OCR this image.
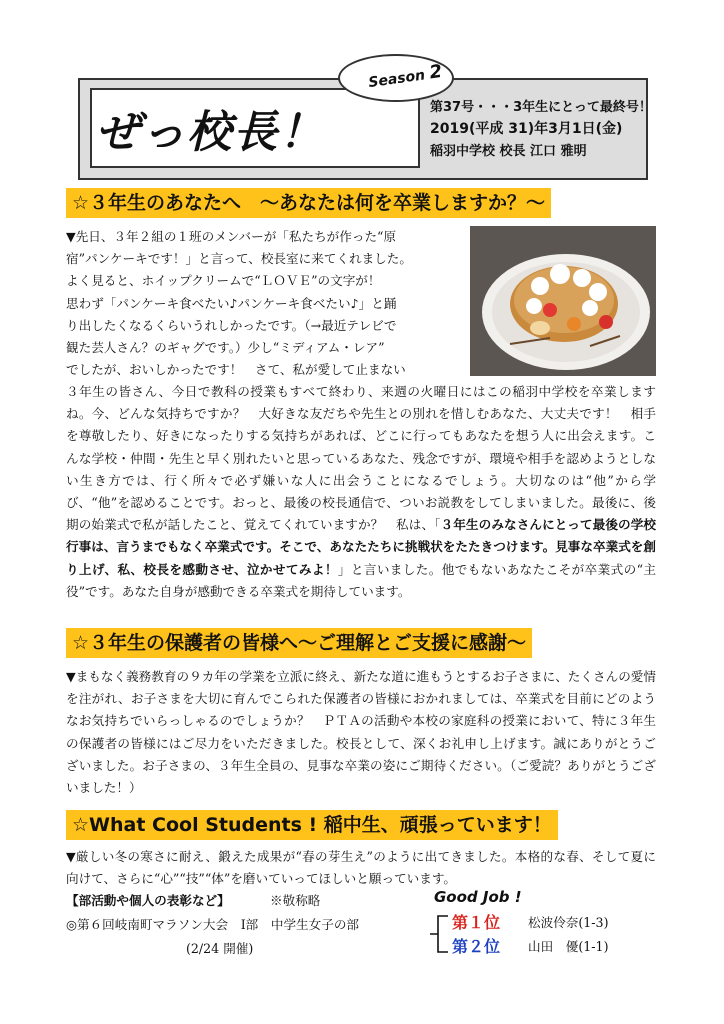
ぜっ校長！
Season 2
第37号・・・3年生にとって最終号！
2019(平成 31)年3月1日(金)
稲羽中学校 校長 江口 雅明
☆３年生のあなたへ　～あなたは何を卒業しますか？～
▼先日、３年２組の１班のメンバーが「私たちが作った“原
宿”パンケーキです！」と言って、校長室に来てくれました。
よく見ると、ホイップクリームで“ＬＯＶＥ”の文字が！
思わず「パンケーキ食べたい♪パンケーキ食べたい♪」と踊
り出したくなるくらいうれしかったです。（→最近テレビで
観た芸人さん？のギャグです。）少し“ミディアム・レア”
でしたが、おいしかったです！　さて、私が愛して止まない

３年生の皆さん、今日で教科の授業もすべて終わり、来週の火曜日にはこの稲羽中学校を卒業しますね。今、どんな気持ちですか？　大好きな友だちや先生との別れを惜しむあなた、大丈夫です！　相手を尊敬したり、好きになったりする気持ちがあれば、どこに行ってもあなたを想う人に出会えます。こんな学校・仲間・先生と早く別れたいと思っているあなた、残念ですが、環境や相手を認めようとしない生き方では、行く所々で必ず嫌いな人に出会うことになるでしょう。大切なのは“他”から学び、“他”を認めることです。おっと、最後の校長通信で、ついお説教をしてしまいました。最後に、後期の始業式で私が話したこと、覚えてくれていますか？　私は、「３年生のみなさんにとって最後の学校行事は、言うまでもなく卒業式です。そこで、あなたたちに挑戦状をたたきつけます。見事な卒業式を創り上げ、私、校長を感動させ、泣かせてみよ！」と言いました。他でもないあなたこそが卒業式の“主役”です。あなた自身が感動できる卒業式を期待しています。

☆３年生の保護者の皆様へ～ご理解とご支援に感謝～

▼まもなく義務教育の９カ年の学業を立派に終え、新たな道に進もうとするお子さまに、たくさんの愛情を注がれ、お子さまを大切に育んでこられた保護者の皆様におかれましては、卒業式を目前にどのようなお気持ちでいらっしゃるのでしょうか？　ＰＴＡの活動や本校の家庭科の授業において、特に３年生の保護者の皆様にはご尽力をいただきました。校長として、深くお礼申し上げます。誠にありがとうございました。お子さまの、３年生全員の、見事な卒業の姿にご期待ください。（ご愛読？ありがとうございました！）

☆What Cool Students ! 稲中生、頑張っています！

▼厳しい冬の寒さに耐え、鍛えた成果が“春の芽生え”のように出てきました。本格的な春、そして夏に向けて、さらに“心”“技”“体”を磨いていってほしいと願っています。

【部活動や個人の表彰など】	※敬称略	Good Job !
◎第６回岐南町マラソン大会　Ⅰ部　中学生女子の部
(2/24 開催)
第１位 松波伶奈(1-3)
第２位 山田　優(1-1)
